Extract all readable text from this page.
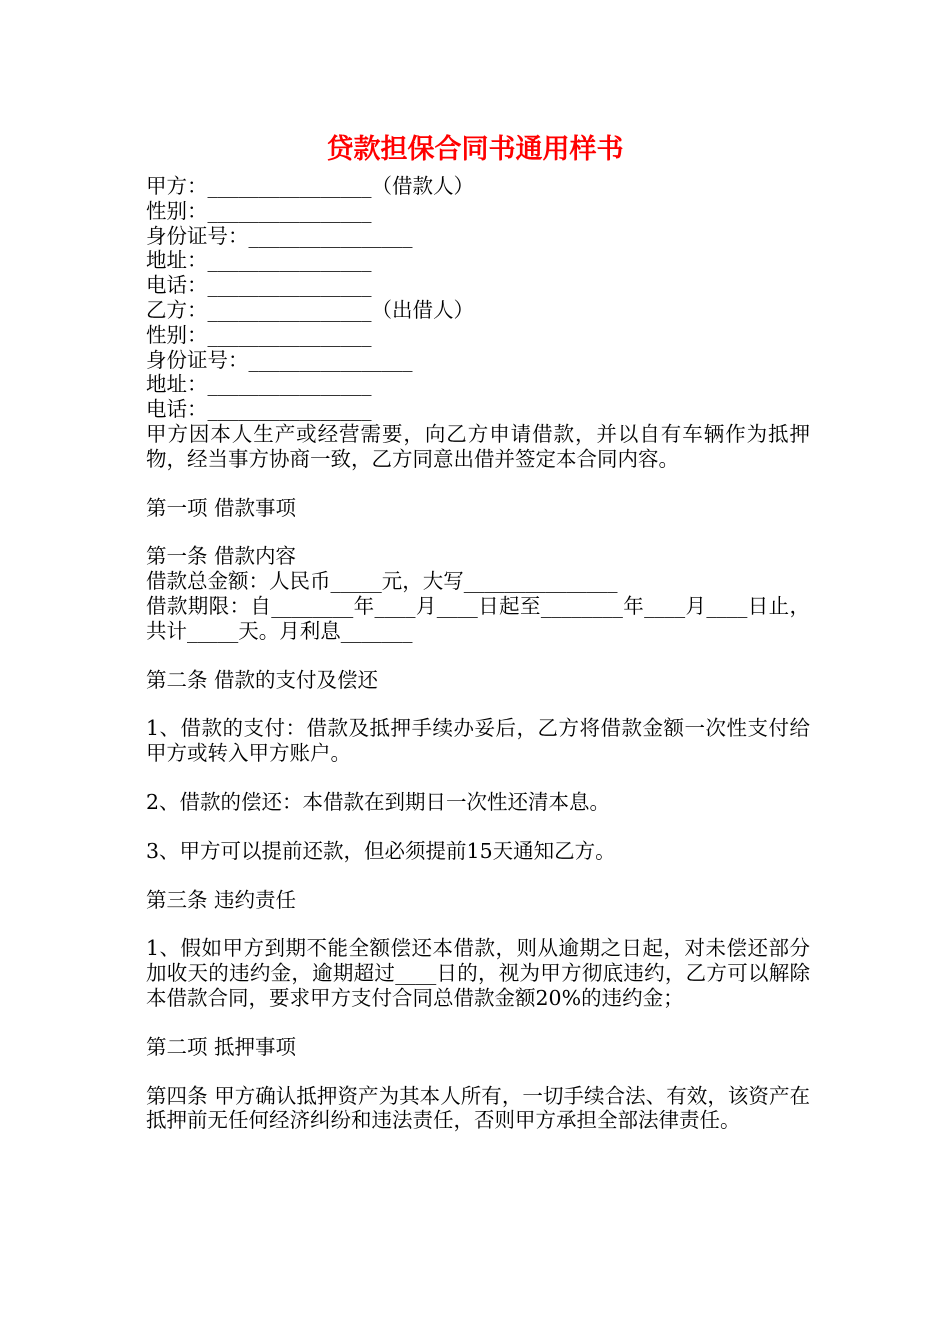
贷款担保合同书通用样书
甲方：________________（借款人）
性别：________________
身份证号：________________
地址：________________
电话：________________
乙方：________________（出借人）
性别：________________
身份证号：________________
地址：________________
电话：________________
甲方因本人生产或经营需要，向乙方申请借款，并以自有车辆作为抵押物，经当事方协商一致，乙方同意出借并签定本合同内容。
第一项 借款事项
第一条 借款内容
借款总金额：人民币_____元，大写_______________
借款期限：自________年____月____日起至________年____月____日止，共计_____天。月利息_______
第二条 借款的支付及偿还
1、借款的支付：借款及抵押手续办妥后，乙方将借款金额一次性支付给甲方或转入甲方账户。
2、借款的偿还：本借款在到期日一次性还清本息。
3、甲方可以提前还款，但必须提前15天通知乙方。
第三条 违约责任
1、假如甲方到期不能全额偿还本借款，则从逾期之日起，对未偿还部分加收天的违约金，逾期超过____日的，视为甲方彻底违约，乙方可以解除本借款合同，要求甲方支付合同总借款金额20%的违约金；
第二项 抵押事项
第四条 甲方确认抵押资产为其本人所有，一切手续合法、有效，该资产在抵押前无任何经济纠纷和违法责任，否则甲方承担全部法律责任。
